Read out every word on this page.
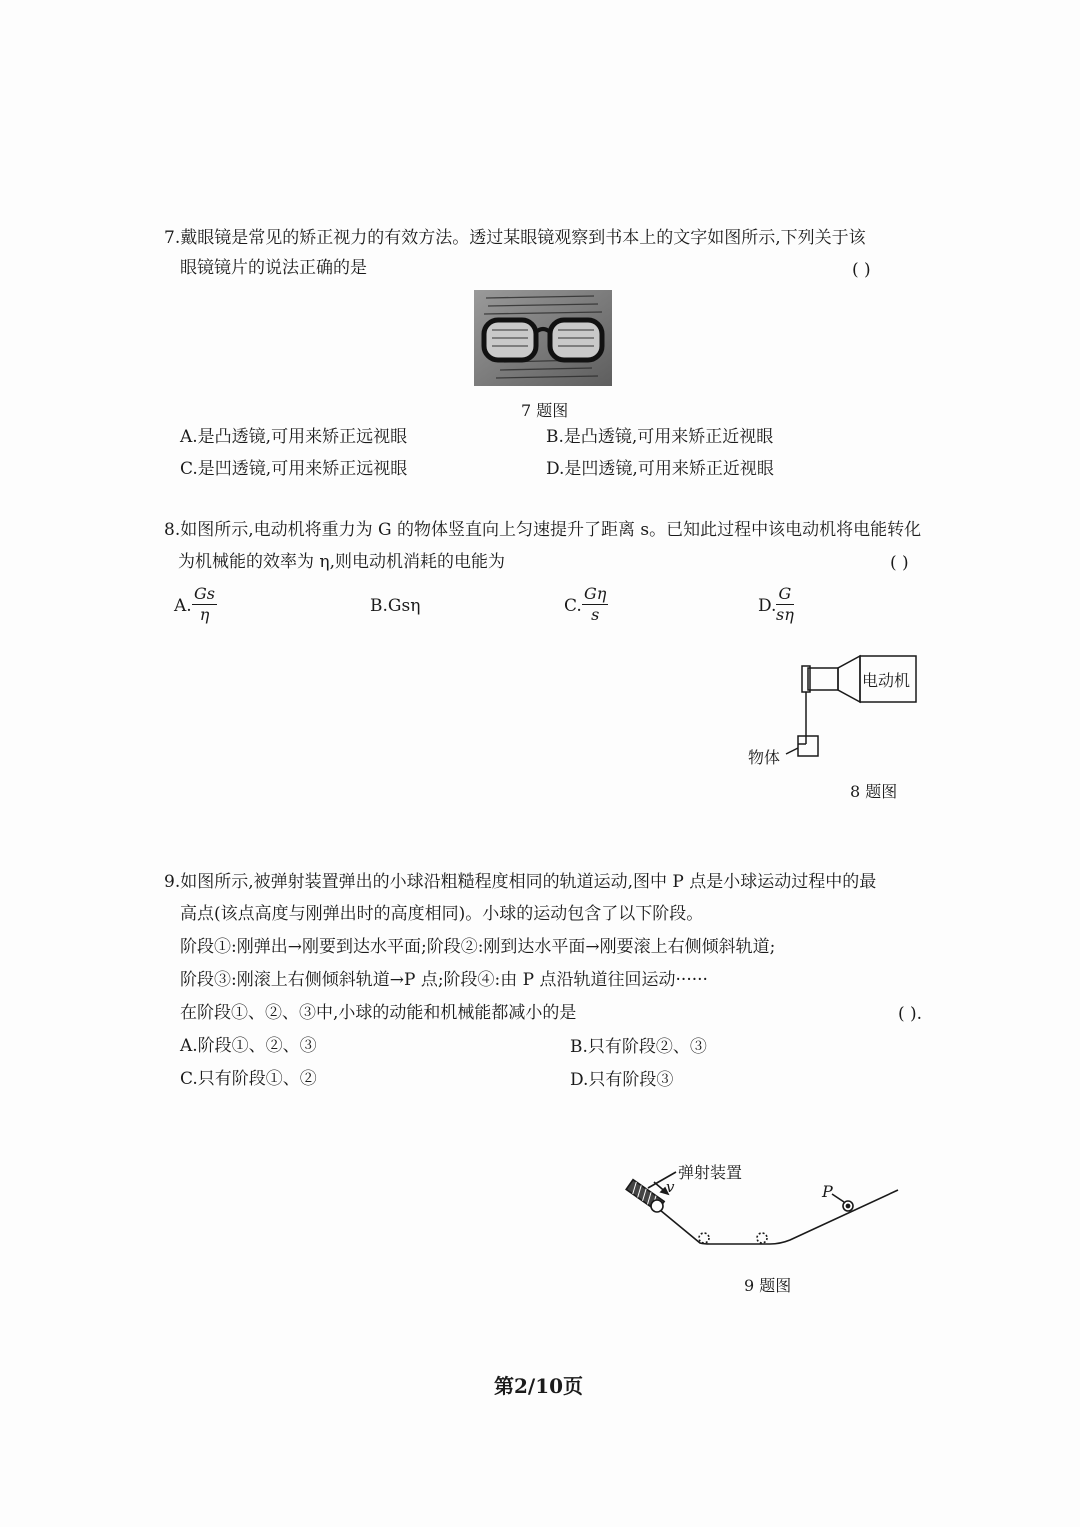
7.戴眼镜是常见的矫正视力的有效方法。透过某眼镜观察到书本上的文字如图所示,下列关于该
眼镜镜片的说法正确的是	( )
7 题图
A.是凸透镜,可用来矫正远视眼	B.是凸透镜,可用来矫正近视眼
C.是凹透镜,可用来矫正远视眼	D.是凹透镜,可用来矫正近视眼
8.如图所示,电动机将重力为 G 的物体竖直向上匀速提升了距离 s。已知此过程中该电动机将电能转化
为机械能的效率为 η,则电动机消耗的电能为	( )
A. $\frac{Gs}{\eta}$	B.Gsη	C. $\frac{G\eta}{s}$	D. $\frac{G}{s\eta}$
电动机
物体
8 题图
9.如图所示,被弹射装置弹出的小球沿粗糙程度相同的轨道运动,图中 P 点是小球运动过程中的最
高点(该点高度与刚弹出时的高度相同)。小球的运动包含了以下阶段。
阶段①:刚弹出→刚要到达水平面;阶段②:刚到达水平面→刚要滚上右侧倾斜轨道;
阶段③:刚滚上右侧倾斜轨道→P 点;阶段④:由 P 点沿轨道往回运动······
在阶段①、②、③中,小球的动能和机械能都减小的是	( ).
A.阶段①、②、③	B.只有阶段②、③
C.只有阶段①、②	D.只有阶段③
弹射装置
v	P
9 题图
第2/10页
